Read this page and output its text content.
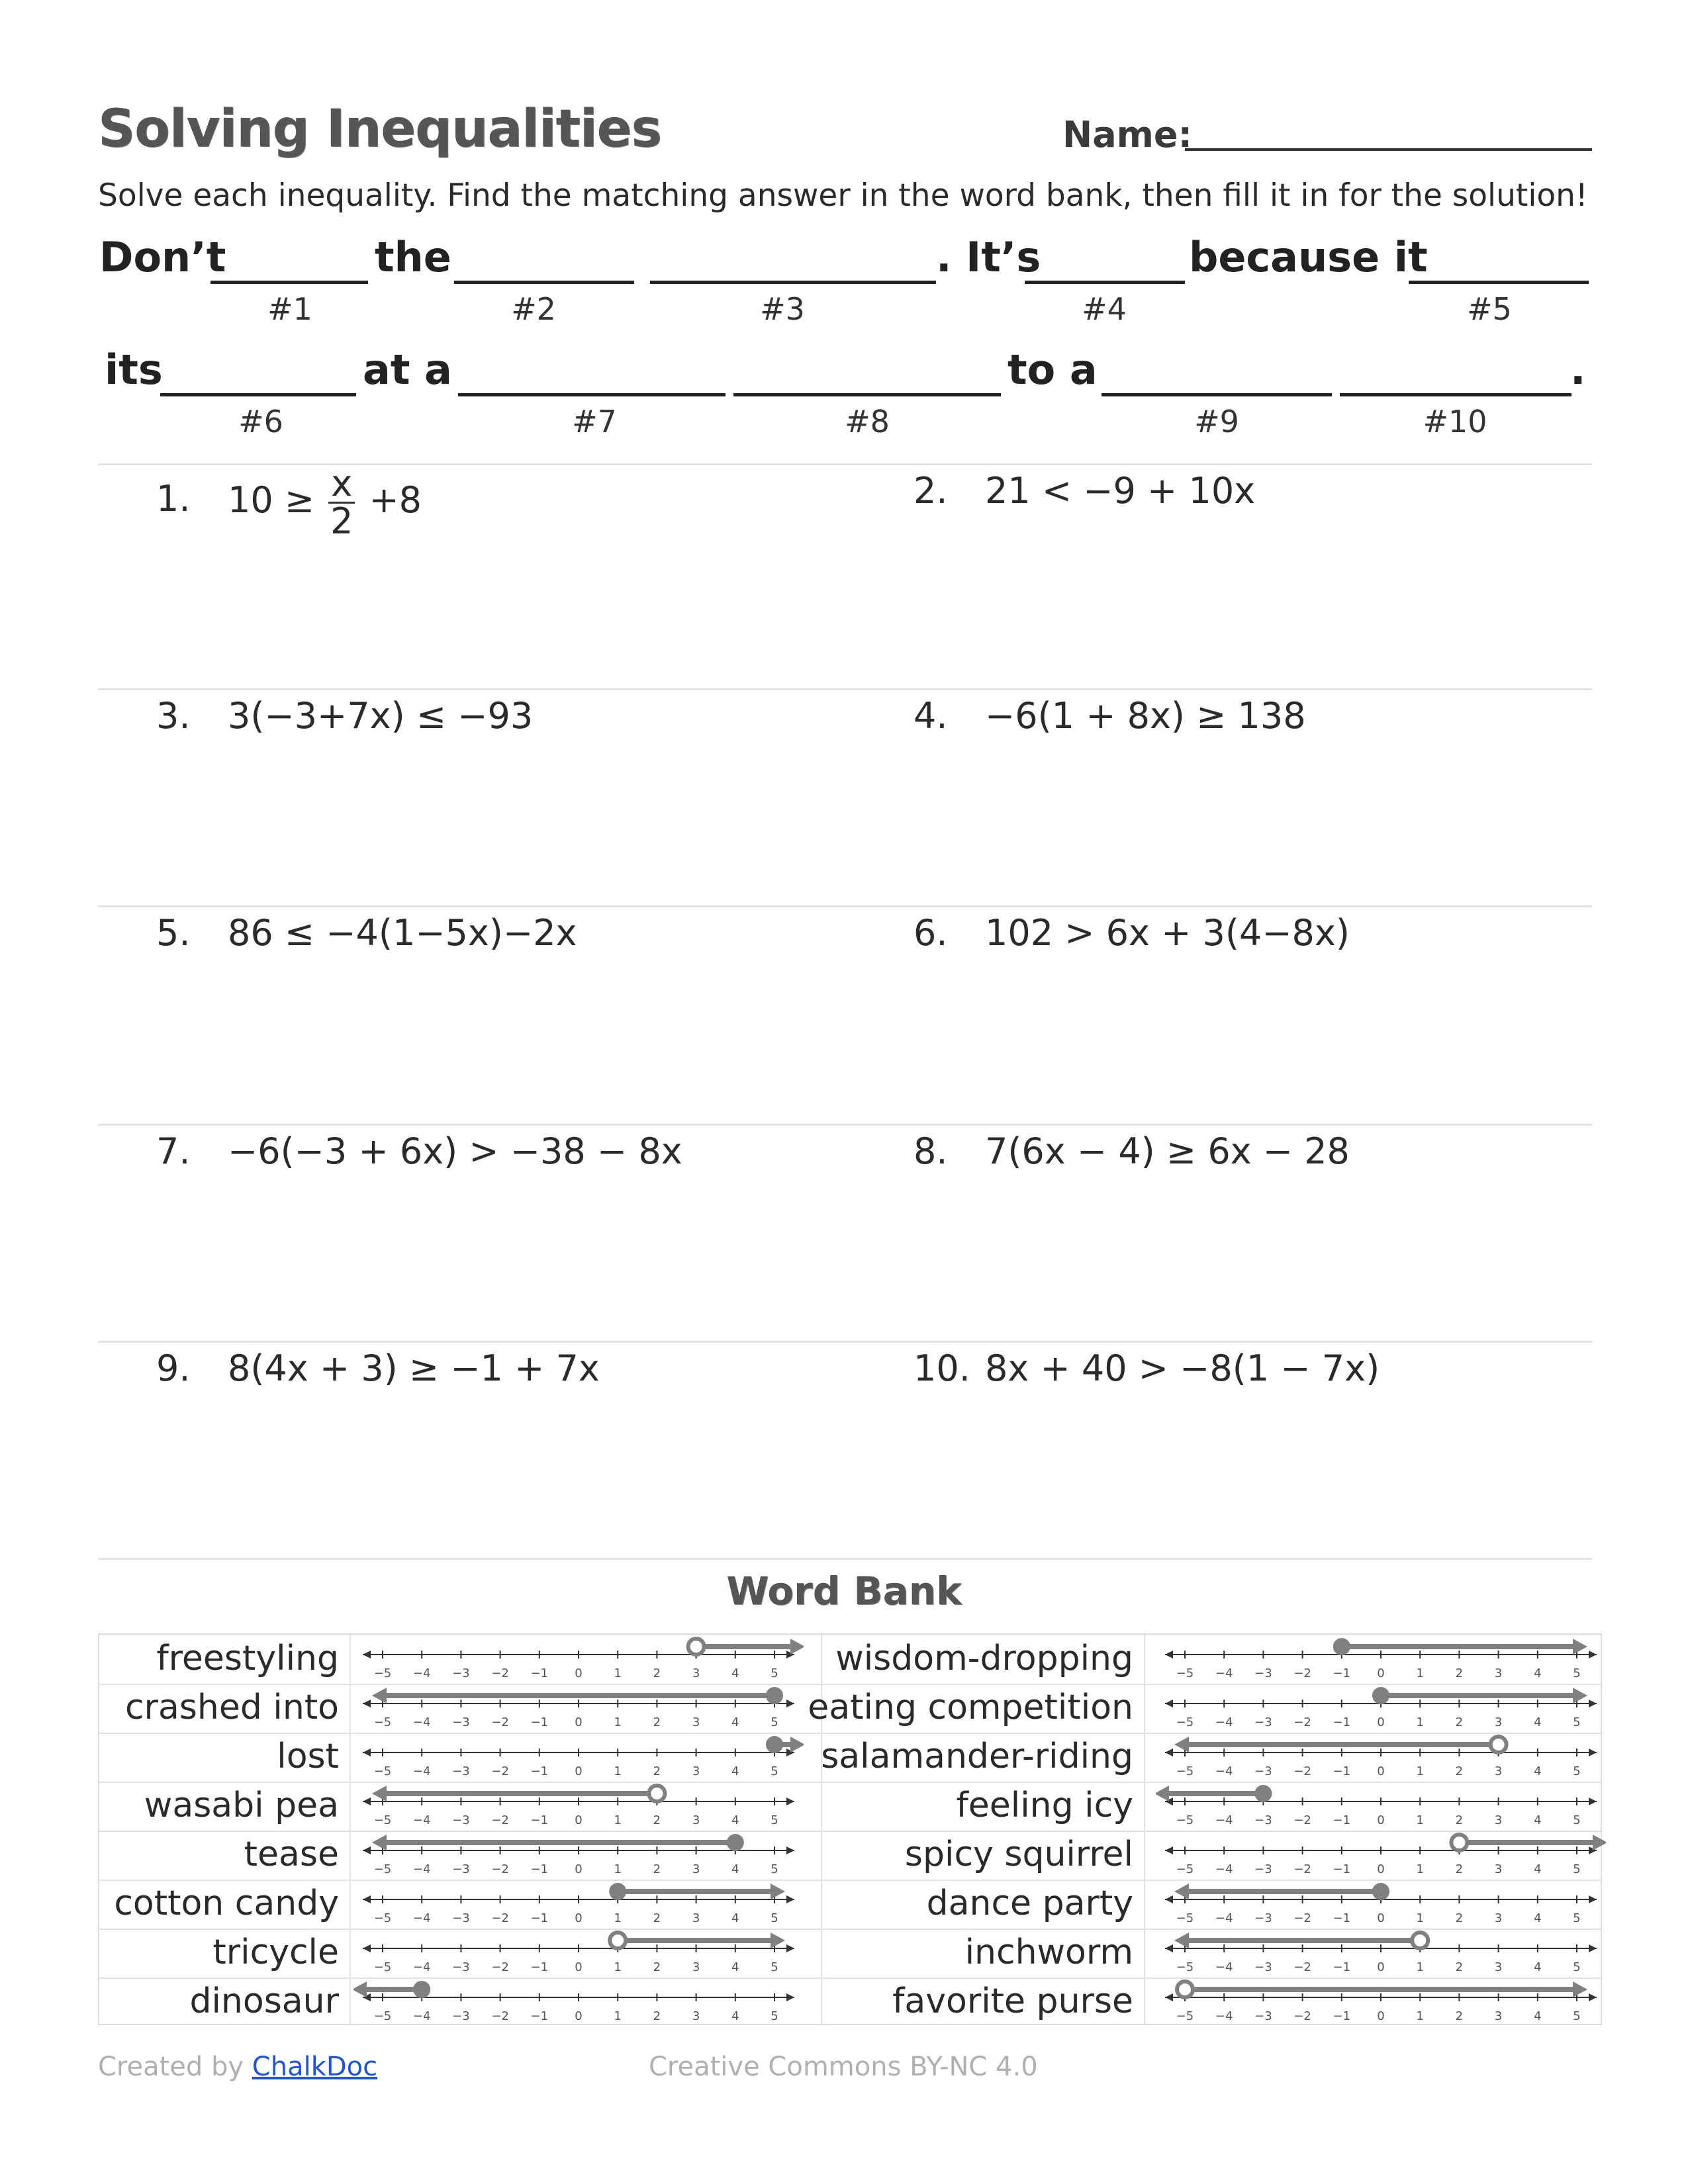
Solving Inequalities	Name:
Solve each inequality. Find the matching answer in the word bank, then fill it in for the solution!
Don’t	the	. It’s	because it
#1	#2	#3	#4	#5
its	at a	to a	.
#6	#7	#8	#9	#10
1. $10 \ge \frac{x}{2} +8$	2. 21 < −9 + 10x
3. 3(−3+7x) ≤ −93	4. −6(1 + 8x) ≥ 138
5. 86 ≤ −4(1−5x)−2x	6. 102 > 6x + 3(4−8x)
7. −6(−3 + 6x) > −38 − 8x	8. 7(6x − 4) ≥ 6x − 28
9. 8(4x + 3) ≥ −1 + 7x	10. 8x + 40 > −8(1 − 7x)
Word Bank
freestyling	−5 −4 −3 −2 −1 0	1	2	3	4	5
crashed into	−5 −4 −3 −2 −1 0	1	2	3	4	5
lost	−5 −4 −3 −2 −1 0	1	2	3	4	5
wasabi pea	−5 −4 −3 −2 −1 0	1	2	3	4	5
tease	−5 −4 −3 −2 −1 0	1	2	3	4	5
cotton candy	−5 −4 −3 −2 −1 0	1	2	3	4	5
tricycle	−5 −4 −3 −2 −1 0	1	2	3	4	5
dinosaur	−5 −4 −3 −2 −1 0	1	2	3	4	5
wisdom-dropping	−5 −4 −3 −2 −1 0	1	2	3	4	5
eating competition	−5 −4 −3 −2 −1 0	1	2	3	4	5
salamander-riding	−5 −4 −3 −2 −1 0	1	2	3	4	5
feeling icy	−5 −4 −3 −2 −1 0	1	2	3	4	5
spicy squirrel	−5 −4 −3 −2 −1 0	1	2	3	4	5
dance party	−5 −4 −3 −2 −1 0	1	2	3	4	5
inchworm	−5 −4 −3 −2 −1 0	1	2	3	4	5
favorite purse	−5 −4 −3 −2 −1 0	1	2	3	4	5
Created by ChalkDoc	Creative Commons BY-NC 4.0
